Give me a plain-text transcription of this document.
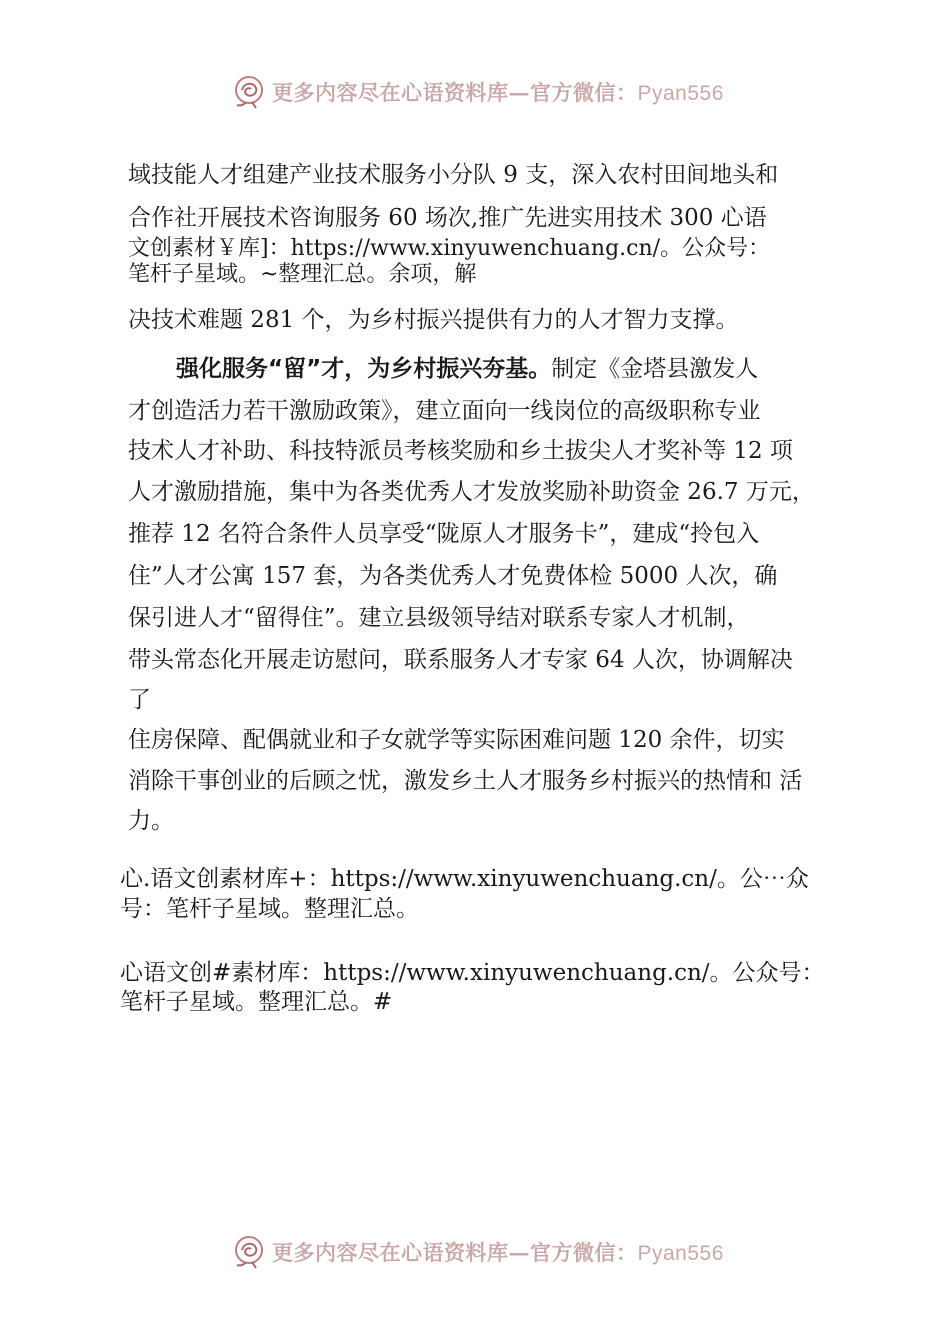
更多内容尽在心语资料库—官方微信：Pyan556
域技能人才组建产业技术服务小分队 9 支，深入农村田间地头和
合作社开展技术咨询服务 60 场次,推广先进实用技术 300 心语
文创素材￥库]：https://www.xinyuwenchuang.cn/。公众号：
笔杆子星域。~整理汇总。余项，解
决技术难题 281 个，为乡村振兴提供有力的人才智力支撑。
强化服务“留”才，为乡村振兴夯基。制定《金塔县激发人
才创造活力若干激励政策》，建立面向一线岗位的高级职称专业
技术人才补助、科技特派员考核奖励和乡土拔尖人才奖补等 12 项
人才激励措施，集中为各类优秀人才发放奖励补助资金 26.7 万元，
推荐 12 名符合条件人员享受“陇原人才服务卡”，建成“拎包入
住”人才公寓 157 套，为各类优秀人才免费体检 5000 人次，确
保引进人才“留得住”。建立县级领导结对联系专家人才机制，
带头常态化开展走访慰问，联系服务人才专家 64 人次，协调解决
了
住房保障、配偶就业和子女就学等实际困难问题 120 余件，切实
消除干事创业的后顾之忧，激发乡土人才服务乡村振兴的热情和 活
力。
心.语文创素材库+：https://www.xinyuwenchuang.cn/。公⋯众
号：笔杆子星域。整理汇总。
心语文创#素材库：https://www.xinyuwenchuang.cn/。公众号：
笔杆子星域。整理汇总。#
更多内容尽在心语资料库—官方微信：Pyan556
